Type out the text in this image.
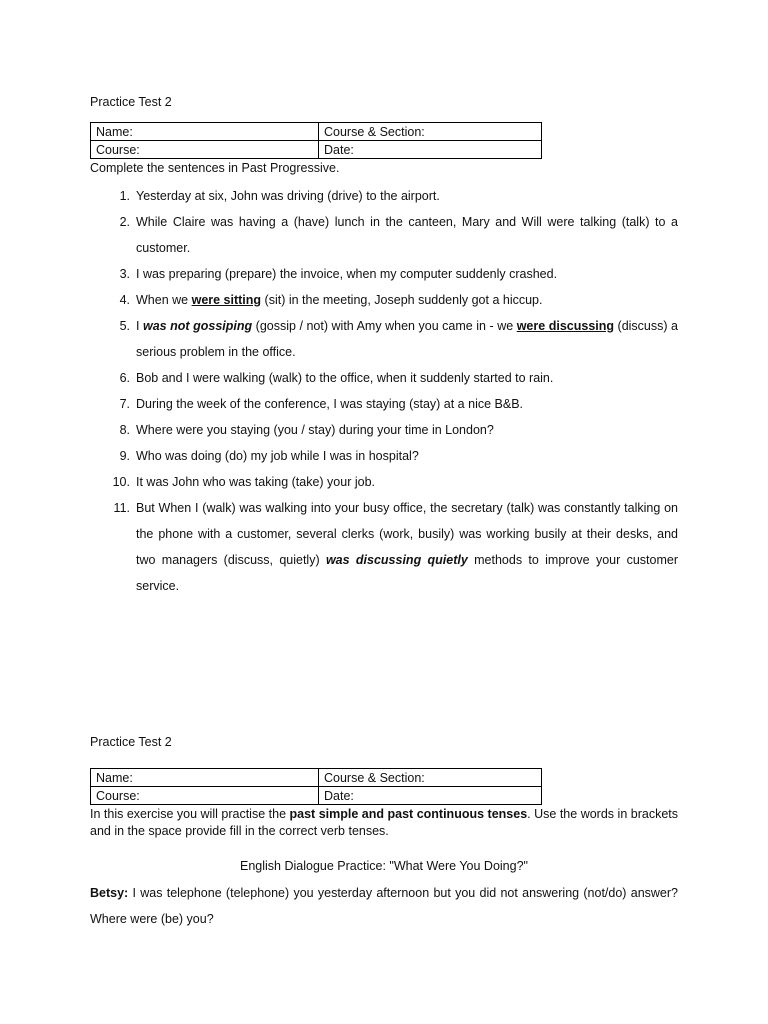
Practice Test 2
Name:	Course & Section:
Course:	Date:
Complete the sentences in Past Progressive.
1. Yesterday at six, John was driving (drive) to the airport.
2. While Claire was having a (have) lunch in the canteen, Mary and Will were talking (talk) to a customer.
3. I was preparing (prepare) the invoice, when my computer suddenly crashed.
4. When we were sitting (sit) in the meeting, Joseph suddenly got a hiccup.
5. I was not gossiping (gossip / not) with Amy when you came in - we were discussing (discuss) a serious problem in the office.
6. Bob and I were walking (walk) to the office, when it suddenly started to rain.
7. During the week of the conference, I was staying (stay) at a nice B&B.
8. Where were you staying (you / stay) during your time in London?
9. Who was doing (do) my job while I was in hospital?
10. It was John who was taking (take) your job.
11. But When I (walk) was walking into your busy office, the secretary (talk) was constantly talking on the phone with a customer, several clerks (work, busily) was working busily at their desks, and two managers (discuss, quietly) was discussing quietly methods to improve your customer service.
Practice Test 2
Name:	Course & Section:
Course:	Date:
In this exercise you will practise the past simple and past continuous tenses. Use the words in brackets and in the space provide fill in the correct verb tenses.
English Dialogue Practice: "What Were You Doing?"
Betsy: I was telephone (telephone) you yesterday afternoon but you did not answering (not/do) answer? Where were (be) you?
